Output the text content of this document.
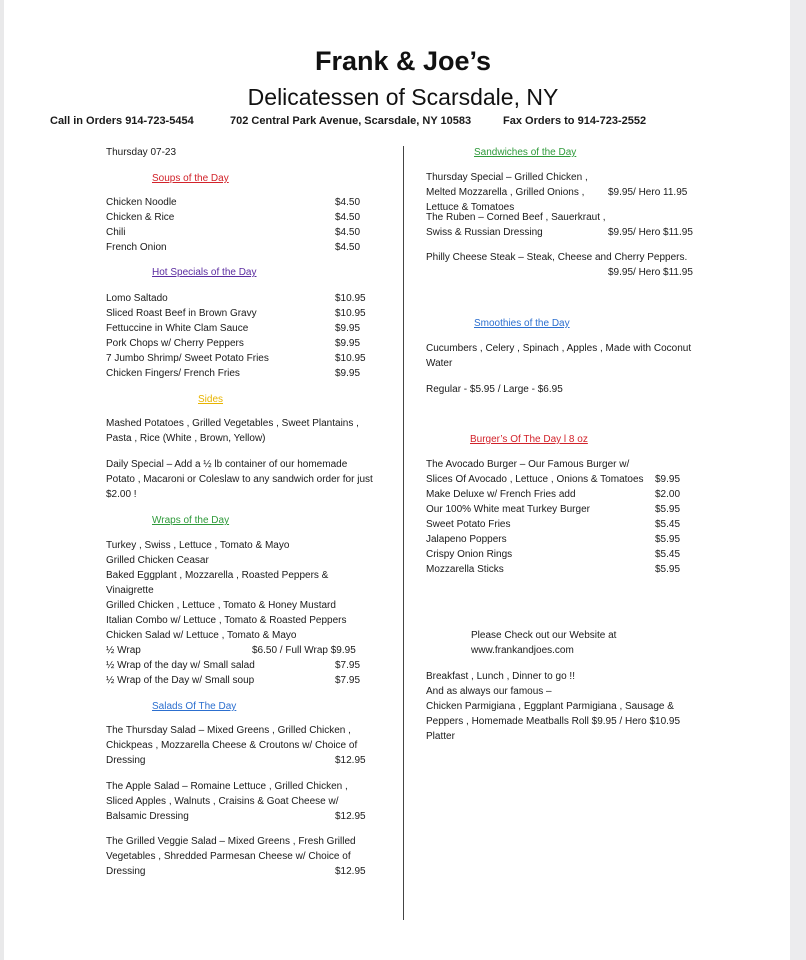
Frank & Joe’s
Delicatessen of Scarsdale, NY
Call in Orders 914-723-5454	702 Central Park Avenue, Scarsdale, NY 10583	Fax Orders to 914-723-2552
Thursday 07-23
Soups of the Day
Chicken Noodle	$4.50
Chicken & Rice	$4.50
Chili	$4.50
French Onion	$4.50
Hot Specials of the Day
Lomo Saltado	$10.95
Sliced Roast Beef in Brown Gravy	$10.95
Fettuccine in White Clam Sauce	$9.95
Pork Chops w/ Cherry Peppers	$9.95
7 Jumbo Shrimp/ Sweet Potato Fries	$10.95
Chicken Fingers/ French Fries	$9.95
Sides
Mashed Potatoes , Grilled Vegetables , Sweet Plantains , Pasta , Rice (White , Brown, Yellow)
Daily Special – Add a ½ lb container of our homemade Potato , Macaroni or Coleslaw to any sandwich order for just $2.00 !
Wraps of the Day
Turkey , Swiss , Lettuce , Tomato & Mayo
Grilled Chicken Ceasar
Baked Eggplant , Mozzarella , Roasted Peppers & Vinaigrette
Grilled Chicken , Lettuce , Tomato & Honey Mustard
Italian Combo w/ Lettuce , Tomato & Roasted Peppers
Chicken Salad w/ Lettuce , Tomato & Mayo
½ Wrap	$6.50 / Full Wrap $9.95
½ Wrap of the day w/ Small salad	$7.95
½ Wrap of the Day w/ Small soup	$7.95
Salads Of The Day
The Thursday Salad – Mixed Greens , Grilled Chicken , Chickpeas , Mozzarella Cheese & Croutons w/ Choice of Dressing	$12.95
The Apple Salad – Romaine Lettuce , Grilled Chicken , Sliced Apples , Walnuts , Craisins & Goat Cheese w/ Balsamic Dressing	$12.95
The Grilled Veggie Salad – Mixed Greens , Fresh Grilled Vegetables , Shredded Parmesan Cheese w/ Choice of Dressing	$12.95
Sandwiches of the Day
Thursday Special – Grilled Chicken , Melted Mozzarella , Grilled Onions , Lettuce & Tomatoes
$9.95/ Hero 11.95
The Ruben – Corned Beef , Sauerkraut , Swiss & Russian Dressing	$9.95/ Hero $11.95
Philly Cheese Steak – Steak, Cheese and Cherry Peppers.
$9.95/ Hero $11.95
Smoothies of the Day
Cucumbers , Celery , Spinach , Apples , Made with Coconut Water
Regular - $5.95 / Large - $6.95
Burger’s Of The Day l 8 oz
The Avocado Burger – Our Famous Burger w/ Slices Of Avocado , Lettuce , Onions & Tomatoes	$9.95
Make Deluxe w/ French Fries add	$2.00
Our 100% White meat Turkey Burger	$5.95
Sweet Potato Fries	$5.45
Jalapeno Poppers	$5.95
Crispy Onion Rings	$5.45
Mozzarella Sticks	$5.95
Please Check out our Website at
www.frankandjoes.com
Breakfast , Lunch , Dinner to go !!
And as always our famous –
Chicken Parmigiana , Eggplant Parmigiana , Sausage & Peppers , Homemade Meatballs Roll $9.95 / Hero $10.95 Platter
